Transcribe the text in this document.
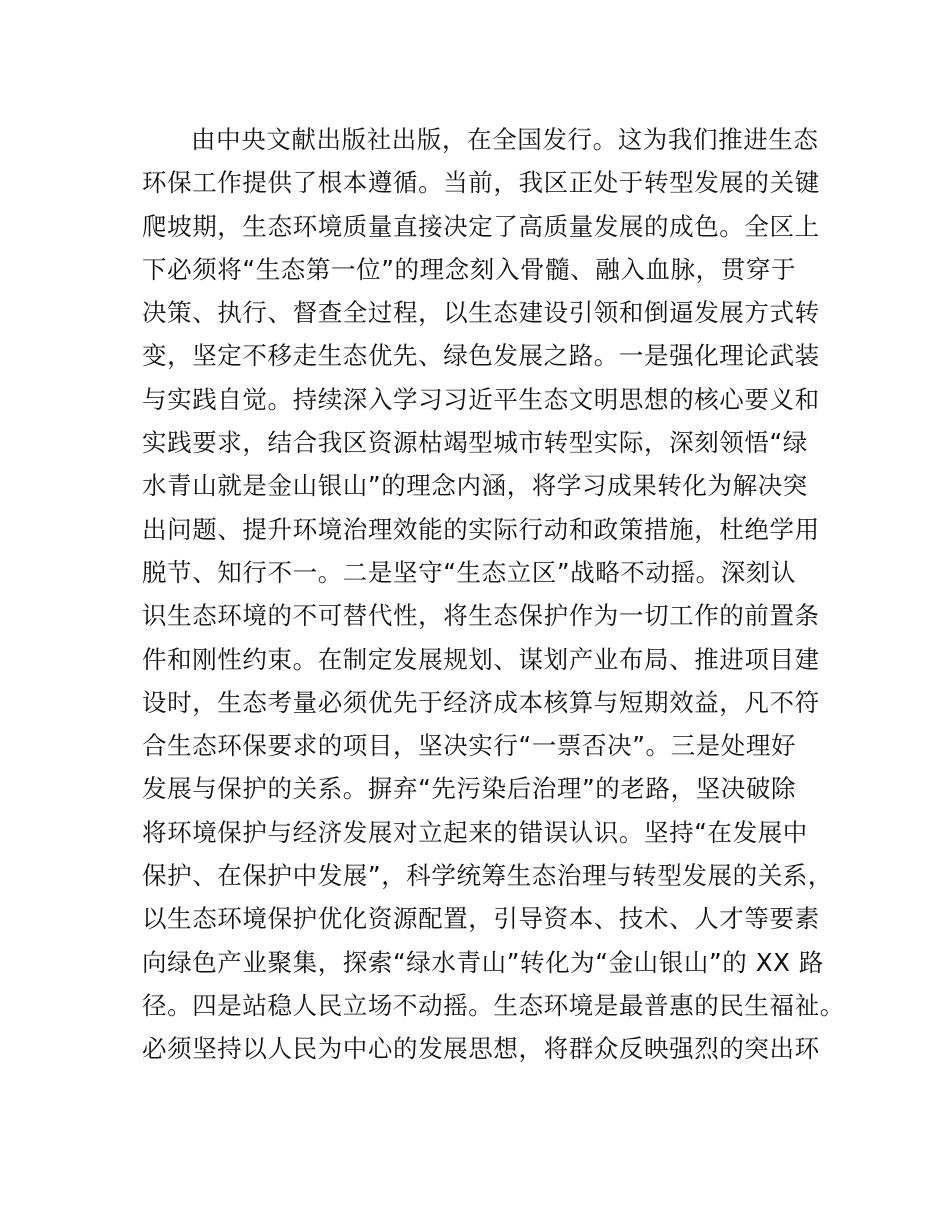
由中央文献出版社出版，在全国发行。这为我们推进生态
环保工作提供了根本遵循。当前，我区正处于转型发展的关键
爬坡期，生态环境质量直接决定了高质量发展的成色。全区上
下必须将“生态第一位”的理念刻入骨髓、融入血脉，贯穿于
决策、执行、督查全过程，以生态建设引领和倒逼发展方式转
变，坚定不移走生态优先、绿色发展之路。一是强化理论武装
与实践自觉。持续深入学习习近平生态文明思想的核心要义和
实践要求，结合我区资源枯竭型城市转型实际，深刻领悟“绿
水青山就是金山银山”的理念内涵，将学习成果转化为解决突
出问题、提升环境治理效能的实际行动和政策措施，杜绝学用
脱节、知行不一。二是坚守“生态立区”战略不动摇。深刻认
识生态环境的不可替代性，将生态保护作为一切工作的前置条
件和刚性约束。在制定发展规划、谋划产业布局、推进项目建
设时，生态考量必须优先于经济成本核算与短期效益，凡不符
合生态环保要求的项目，坚决实行“一票否决”。三是处理好
发展与保护的关系。摒弃“先污染后治理”的老路，坚决破除
将环境保护与经济发展对立起来的错误认识。坚持“在发展中
保护、在保护中发展”，科学统筹生态治理与转型发展的关系，
以生态环境保护优化资源配置，引导资本、技术、人才等要素
向绿色产业聚集，探索“绿水青山”转化为“金山银山”的 XX 路
径。四是站稳人民立场不动摇。生态环境是最普惠的民生福祉。
必须坚持以人民为中心的发展思想，将群众反映强烈的突出环
